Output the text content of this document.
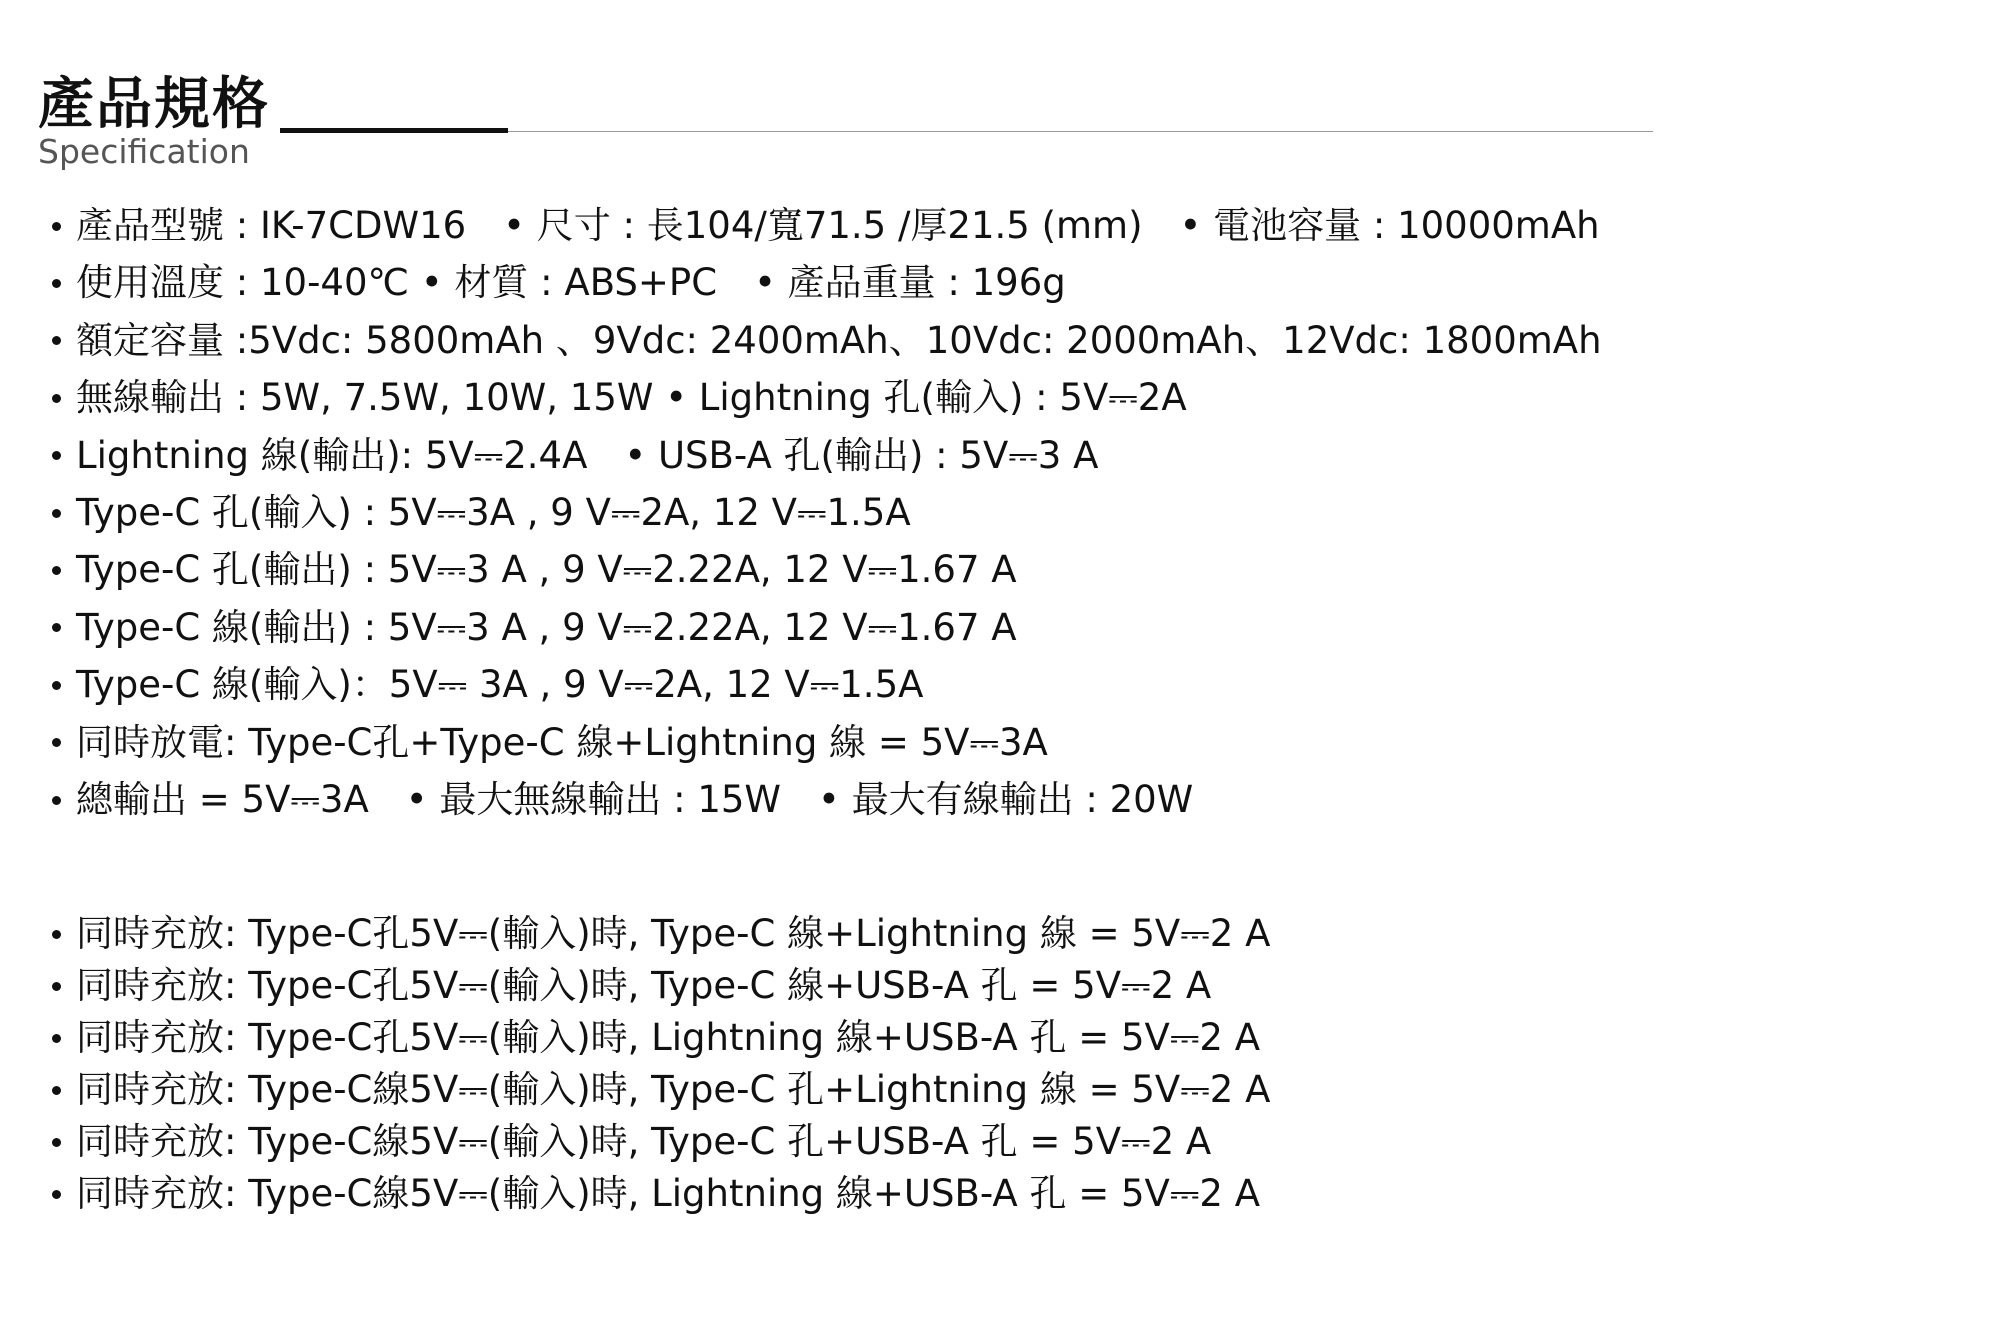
產品規格
Specification
產品型號 : IK-7CDW16　• 尺寸 : 長104/寬71.5 /厚21.5 (mm)　• 電池容量 : 10000mAh
使用溫度 : 10-40℃ • 材質 : ABS+PC　• 產品重量 : 196g
額定容量 :5Vdc: 5800mAh 、9Vdc: 2400mAh、10Vdc: 2000mAh、12Vdc: 1800mAh
無線輸出 : 5W, 7.5W, 10W, 15W • Lightning 孔(輸入) : 5V⎓2A
Lightning 線(輸出): 5V⎓2.4A　• USB-A 孔(輸出) : 5V⎓3 A
Type-C 孔(輸入) : 5V⎓3A , 9 V⎓2A, 12 V⎓1.5A
Type-C 孔(輸出) : 5V⎓3 A , 9 V⎓2.22A, 12 V⎓1.67 A
Type-C 線(輸出) : 5V⎓3 A , 9 V⎓2.22A, 12 V⎓1.67 A
Type-C 線(輸入)：5V⎓ 3A , 9 V⎓2A, 12 V⎓1.5A
同時放電: Type-C孔+Type-C 線+Lightning 線 = 5V⎓3A
總輸出 = 5V⎓3A　• 最大無線輸出 : 15W　• 最大有線輸出 : 20W
同時充放: Type-C孔5V⎓(輸入)時, Type-C 線+Lightning 線 = 5V⎓2 A
同時充放: Type-C孔5V⎓(輸入)時, Type-C 線+USB-A 孔 = 5V⎓2 A
同時充放: Type-C孔5V⎓(輸入)時, Lightning 線+USB-A 孔 = 5V⎓2 A
同時充放: Type-C線5V⎓(輸入)時, Type-C 孔+Lightning 線 = 5V⎓2 A
同時充放: Type-C線5V⎓(輸入)時, Type-C 孔+USB-A 孔 = 5V⎓2 A
同時充放: Type-C線5V⎓(輸入)時, Lightning 線+USB-A 孔 = 5V⎓2 A
